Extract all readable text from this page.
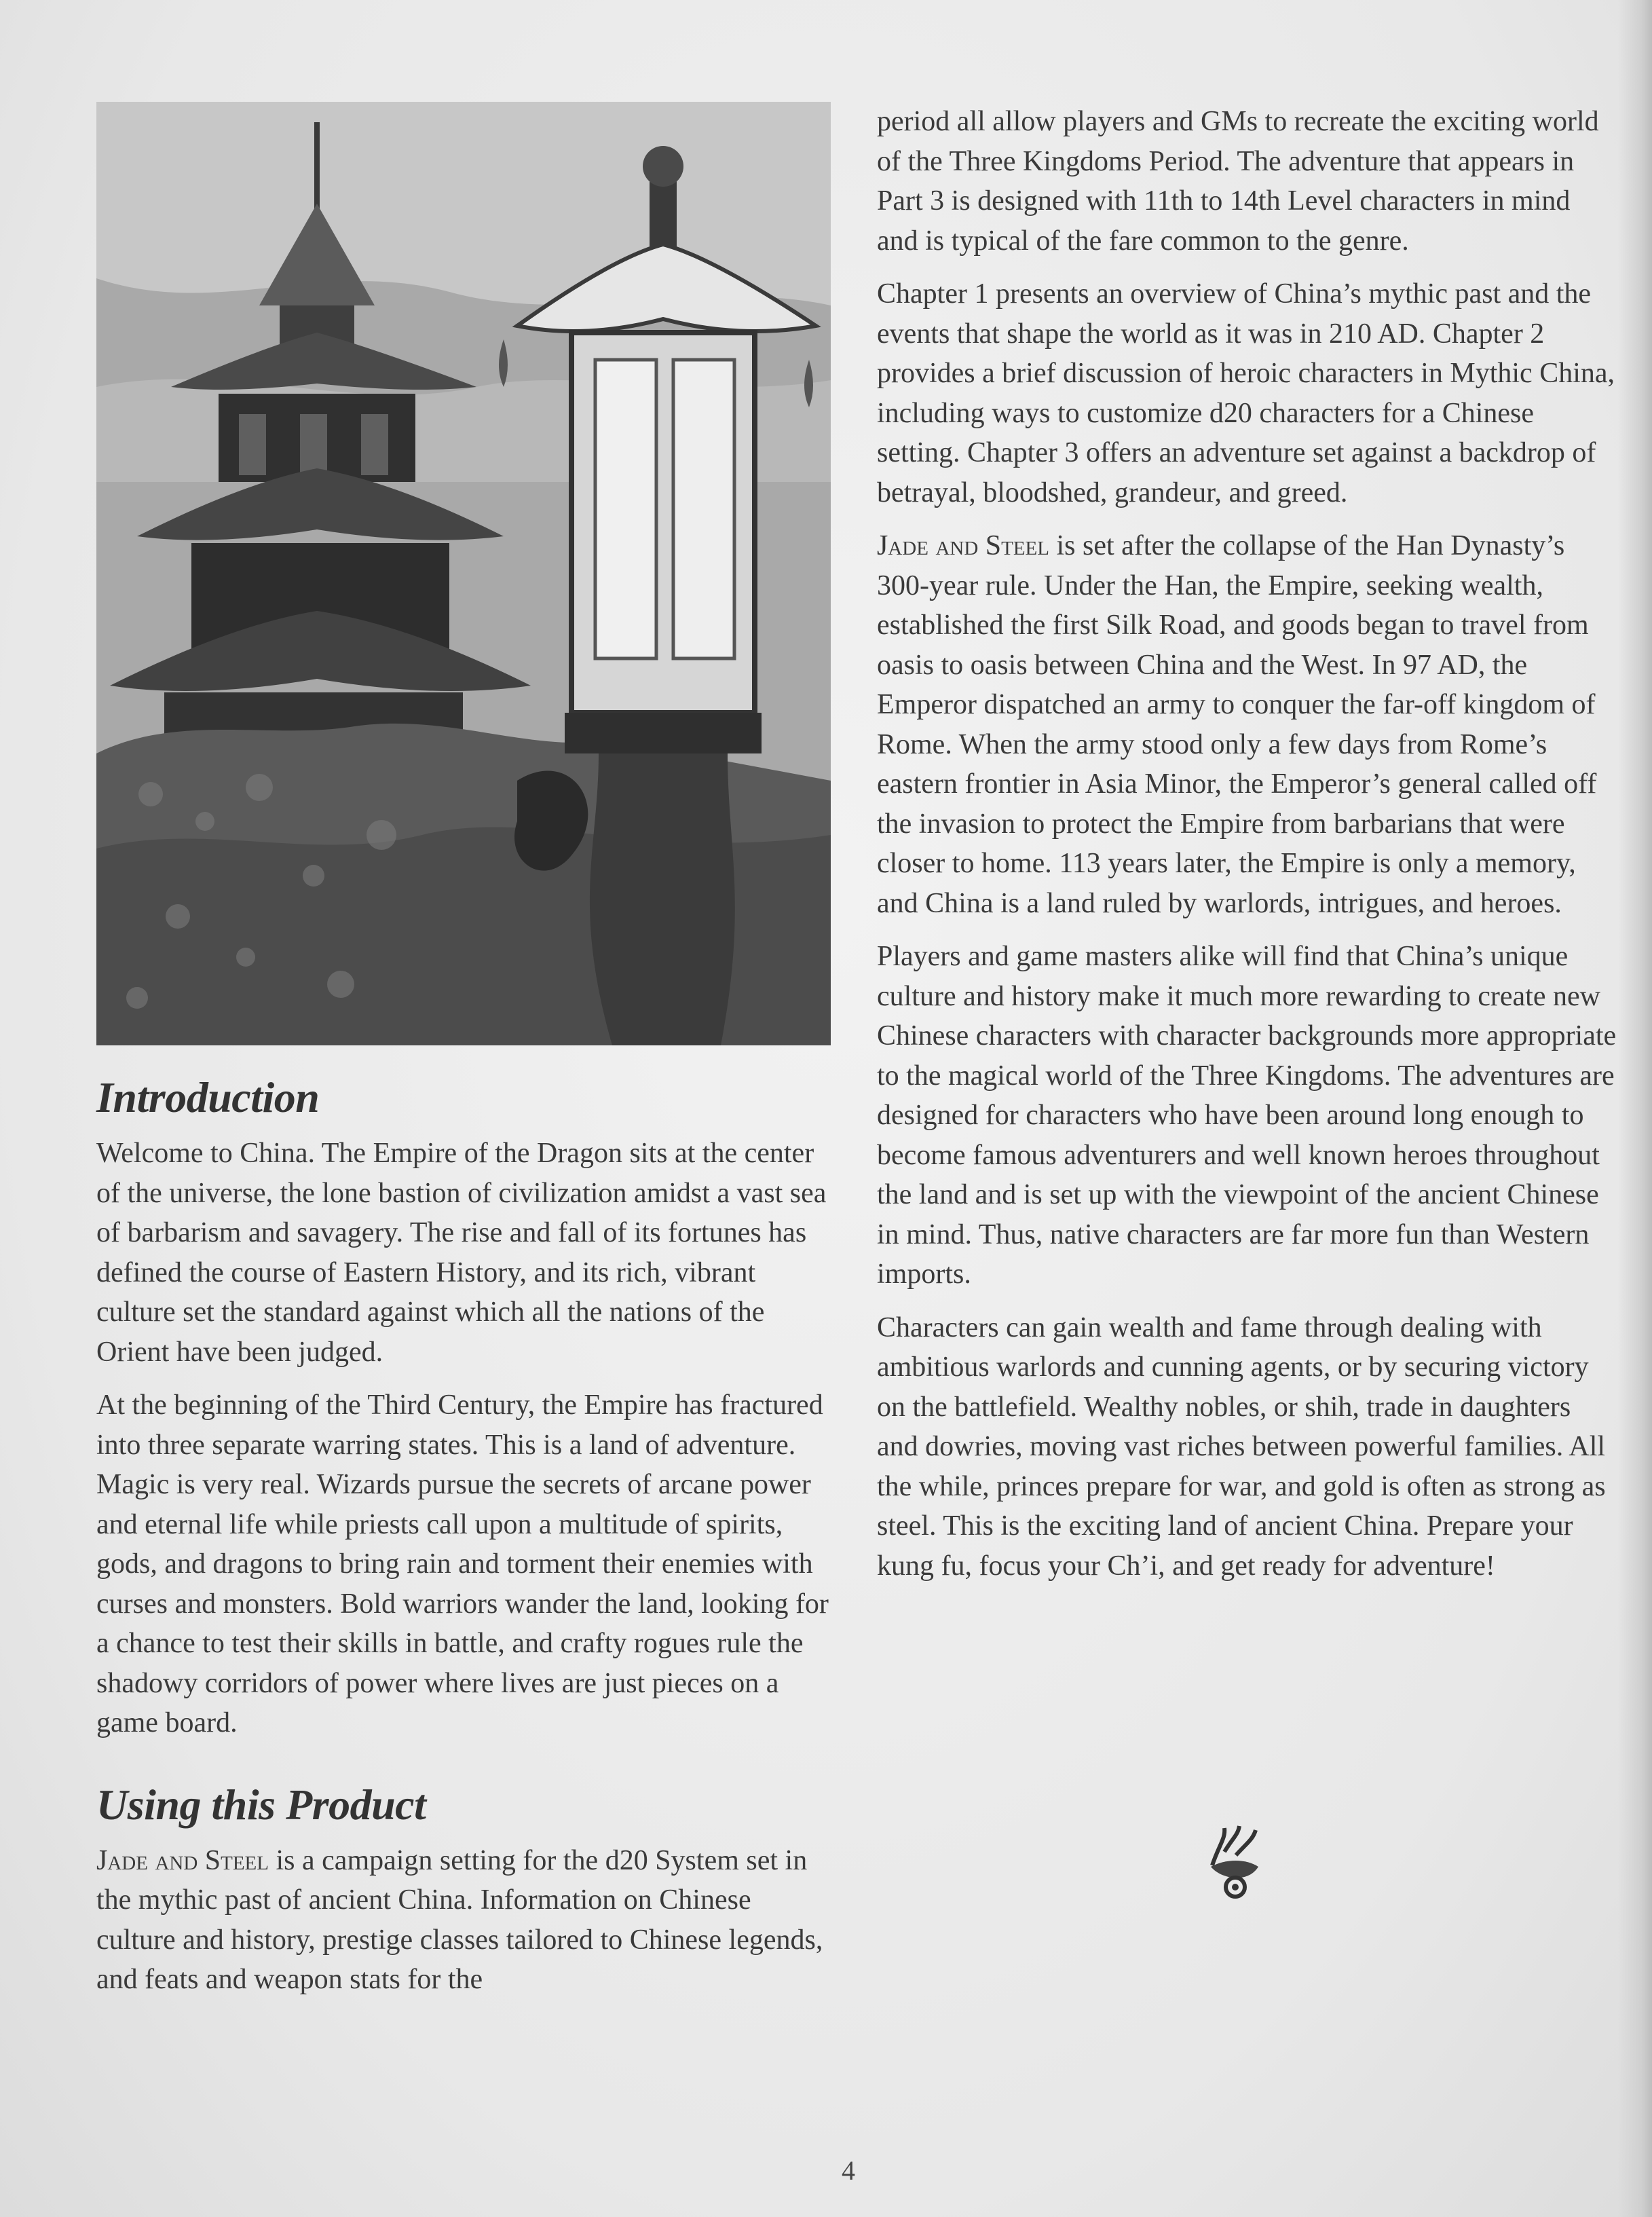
Introduction

Welcome to China. The Empire of the Dragon sits at the center of the universe, the lone bastion of civilization amidst a vast sea of barbarism and savagery. The rise and fall of its fortunes has defined the course of Eastern History, and its rich, vibrant culture set the standard against which all the nations of the Orient have been judged.

At the beginning of the Third Century, the Empire has fractured into three separate warring states. This is a land of adventure. Magic is very real. Wizards pursue the secrets of arcane power and eternal life while priests call upon a multitude of spirits, gods, and dragons to bring rain and torment their enemies with curses and monsters. Bold warriors wander the land, looking for a chance to test their skills in battle, and crafty rogues rule the shadowy corridors of power where lives are just pieces on a game board.

Using this Product

Jade and Steel is a campaign setting for the d20 System set in the mythic past of ancient China. Information on Chinese culture and history, prestige classes tailored to Chinese legends, and feats and weapon stats for the

period all allow players and GMs to recreate the exciting world of the Three Kingdoms Period. The adventure that appears in Part 3 is designed with 11th to 14th Level characters in mind and is typical of the fare common to the genre.

Chapter 1 presents an overview of China’s mythic past and the events that shape the world as it was in 210 AD. Chapter 2 provides a brief discussion of heroic characters in Mythic China, including ways to customize d20 characters for a Chinese setting. Chapter 3 offers an adventure set against a backdrop of betrayal, bloodshed, grandeur, and greed.

Jade and Steel is set after the collapse of the Han Dynasty’s 300-year rule. Under the Han, the Empire, seeking wealth, established the first Silk Road, and goods began to travel from oasis to oasis between China and the West. In 97 AD, the Emperor dispatched an army to conquer the far-off kingdom of Rome. When the army stood only a few days from Rome’s eastern frontier in Asia Minor, the Emperor’s general called off the invasion to protect the Empire from barbarians that were closer to home. 113 years later, the Empire is only a memory, and China is a land ruled by warlords, intrigues, and heroes.

Players and game masters alike will find that China’s unique culture and history make it much more rewarding to create new Chinese characters with character backgrounds more appropriate to the magical world of the Three Kingdoms. The adventures are designed for characters who have been around long enough to become famous adventurers and well known heroes throughout the land and is set up with the viewpoint of the ancient Chinese in mind. Thus, native characters are far more fun than Western imports.

Characters can gain wealth and fame through dealing with ambitious warlords and cunning agents, or by securing victory on the battlefield. Wealthy nobles, or shih, trade in daughters and dowries, moving vast riches between powerful families. All the while, princes prepare for war, and gold is often as strong as steel. This is the exciting land of ancient China. Prepare your kung fu, focus your Ch’i, and get ready for adventure!

4
